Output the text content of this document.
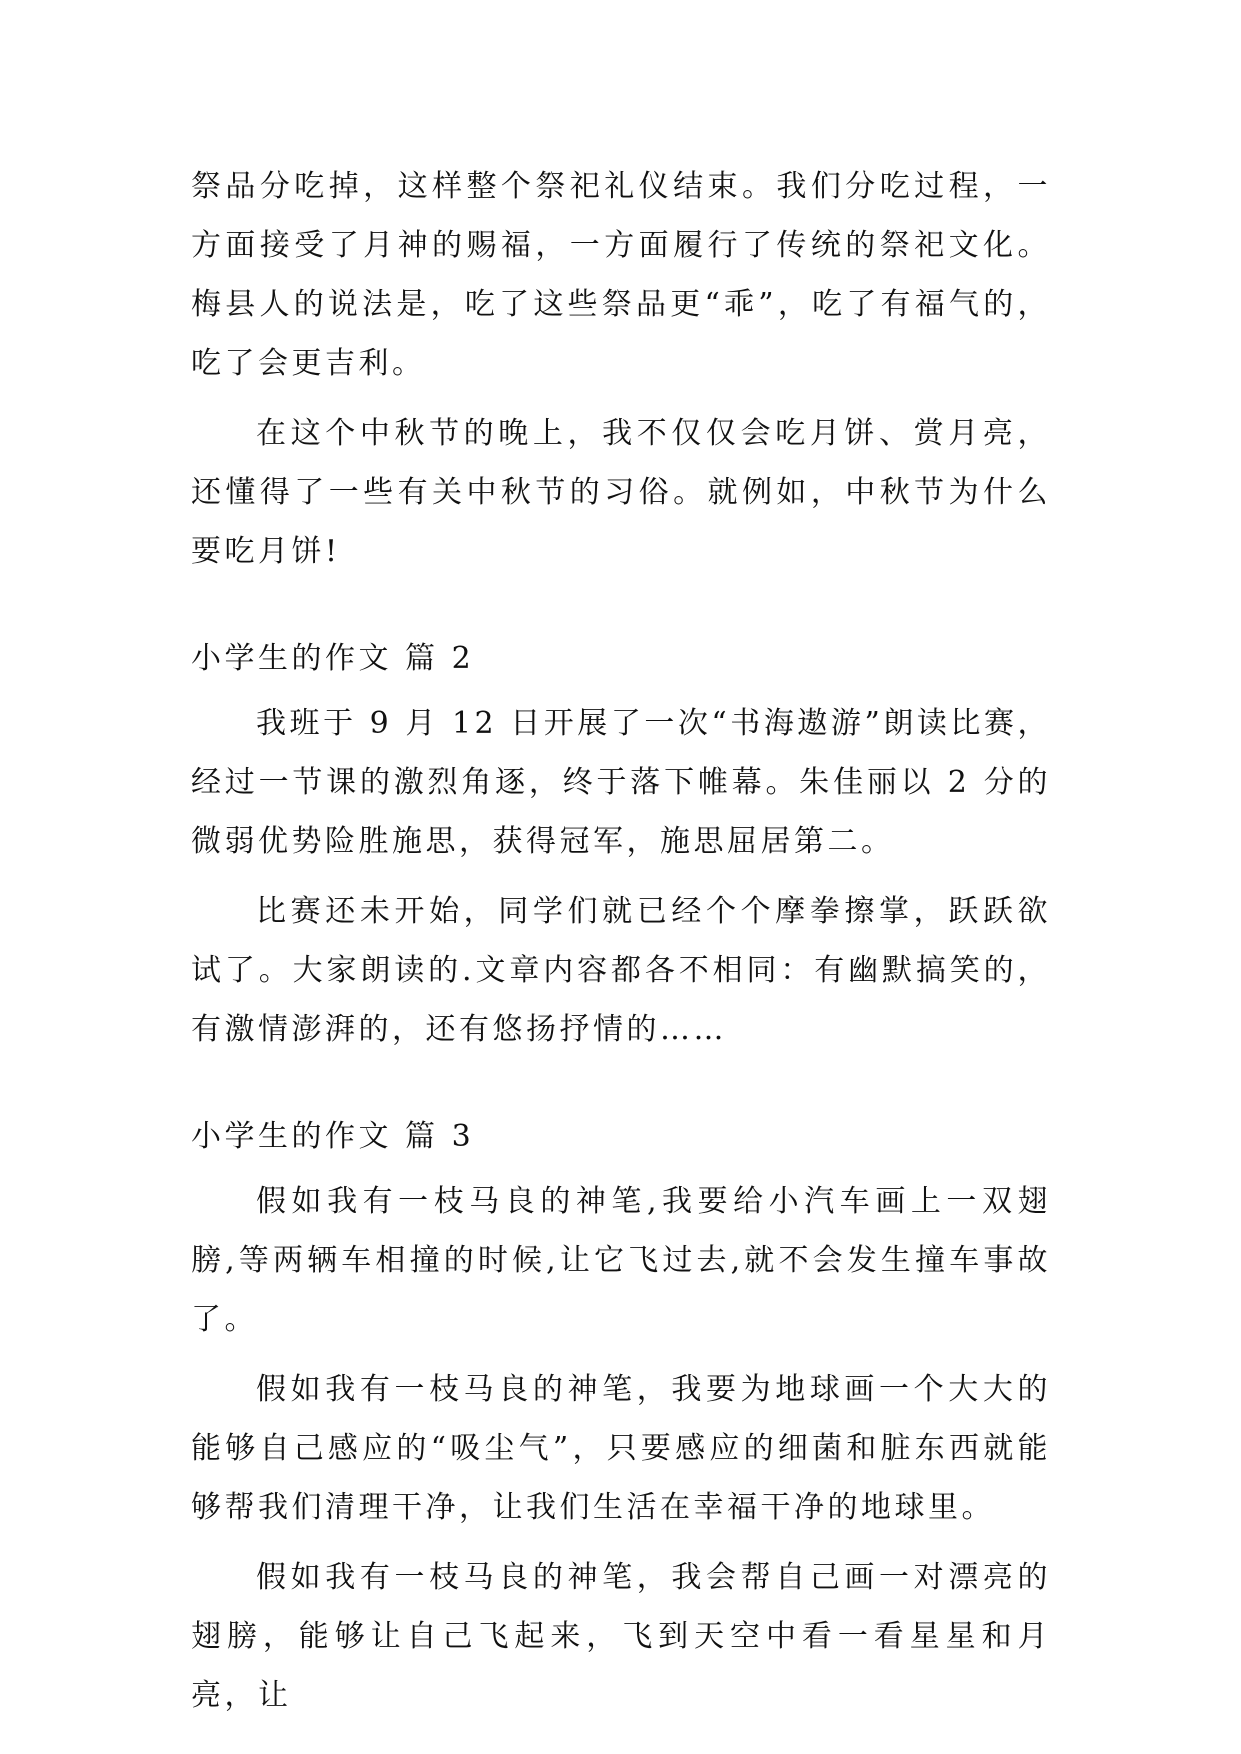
祭品分吃掉，这样整个祭祀礼仪结束。我们分吃过程，一方面接受了月神的赐福，一方面履行了传统的祭祀文化。梅县人的说法是，吃了这些祭品更“乖”，吃了有福气的，吃了会更吉利。

在这个中秋节的晚上，我不仅仅会吃月饼、赏月亮，还懂得了一些有关中秋节的习俗。就例如，中秋节为什么要吃月饼!

小学生的作文 篇 2

我班于 9 月 12 日开展了一次“书海遨游”朗读比赛，经过一节课的激烈角逐，终于落下帷幕。朱佳丽以 2 分的微弱优势险胜施思，获得冠军，施思屈居第二。

比赛还未开始，同学们就已经个个摩拳擦掌，跃跃欲试了。大家朗读的.文章内容都各不相同：有幽默搞笑的，有激情澎湃的，还有悠扬抒情的……

小学生的作文 篇 3

假如我有一枝马良的神笔,我要给小汽车画上一双翅膀,等两辆车相撞的时候,让它飞过去,就不会发生撞车事故了。

假如我有一枝马良的神笔，我要为地球画一个大大的能够自己感应的“吸尘气”，只要感应的细菌和脏东西就能够帮我们清理干净，让我们生活在幸福干净的地球里。

假如我有一枝马良的神笔，我会帮自己画一对漂亮的翅膀，能够让自己飞起来，飞到天空中看一看星星和月亮，让
